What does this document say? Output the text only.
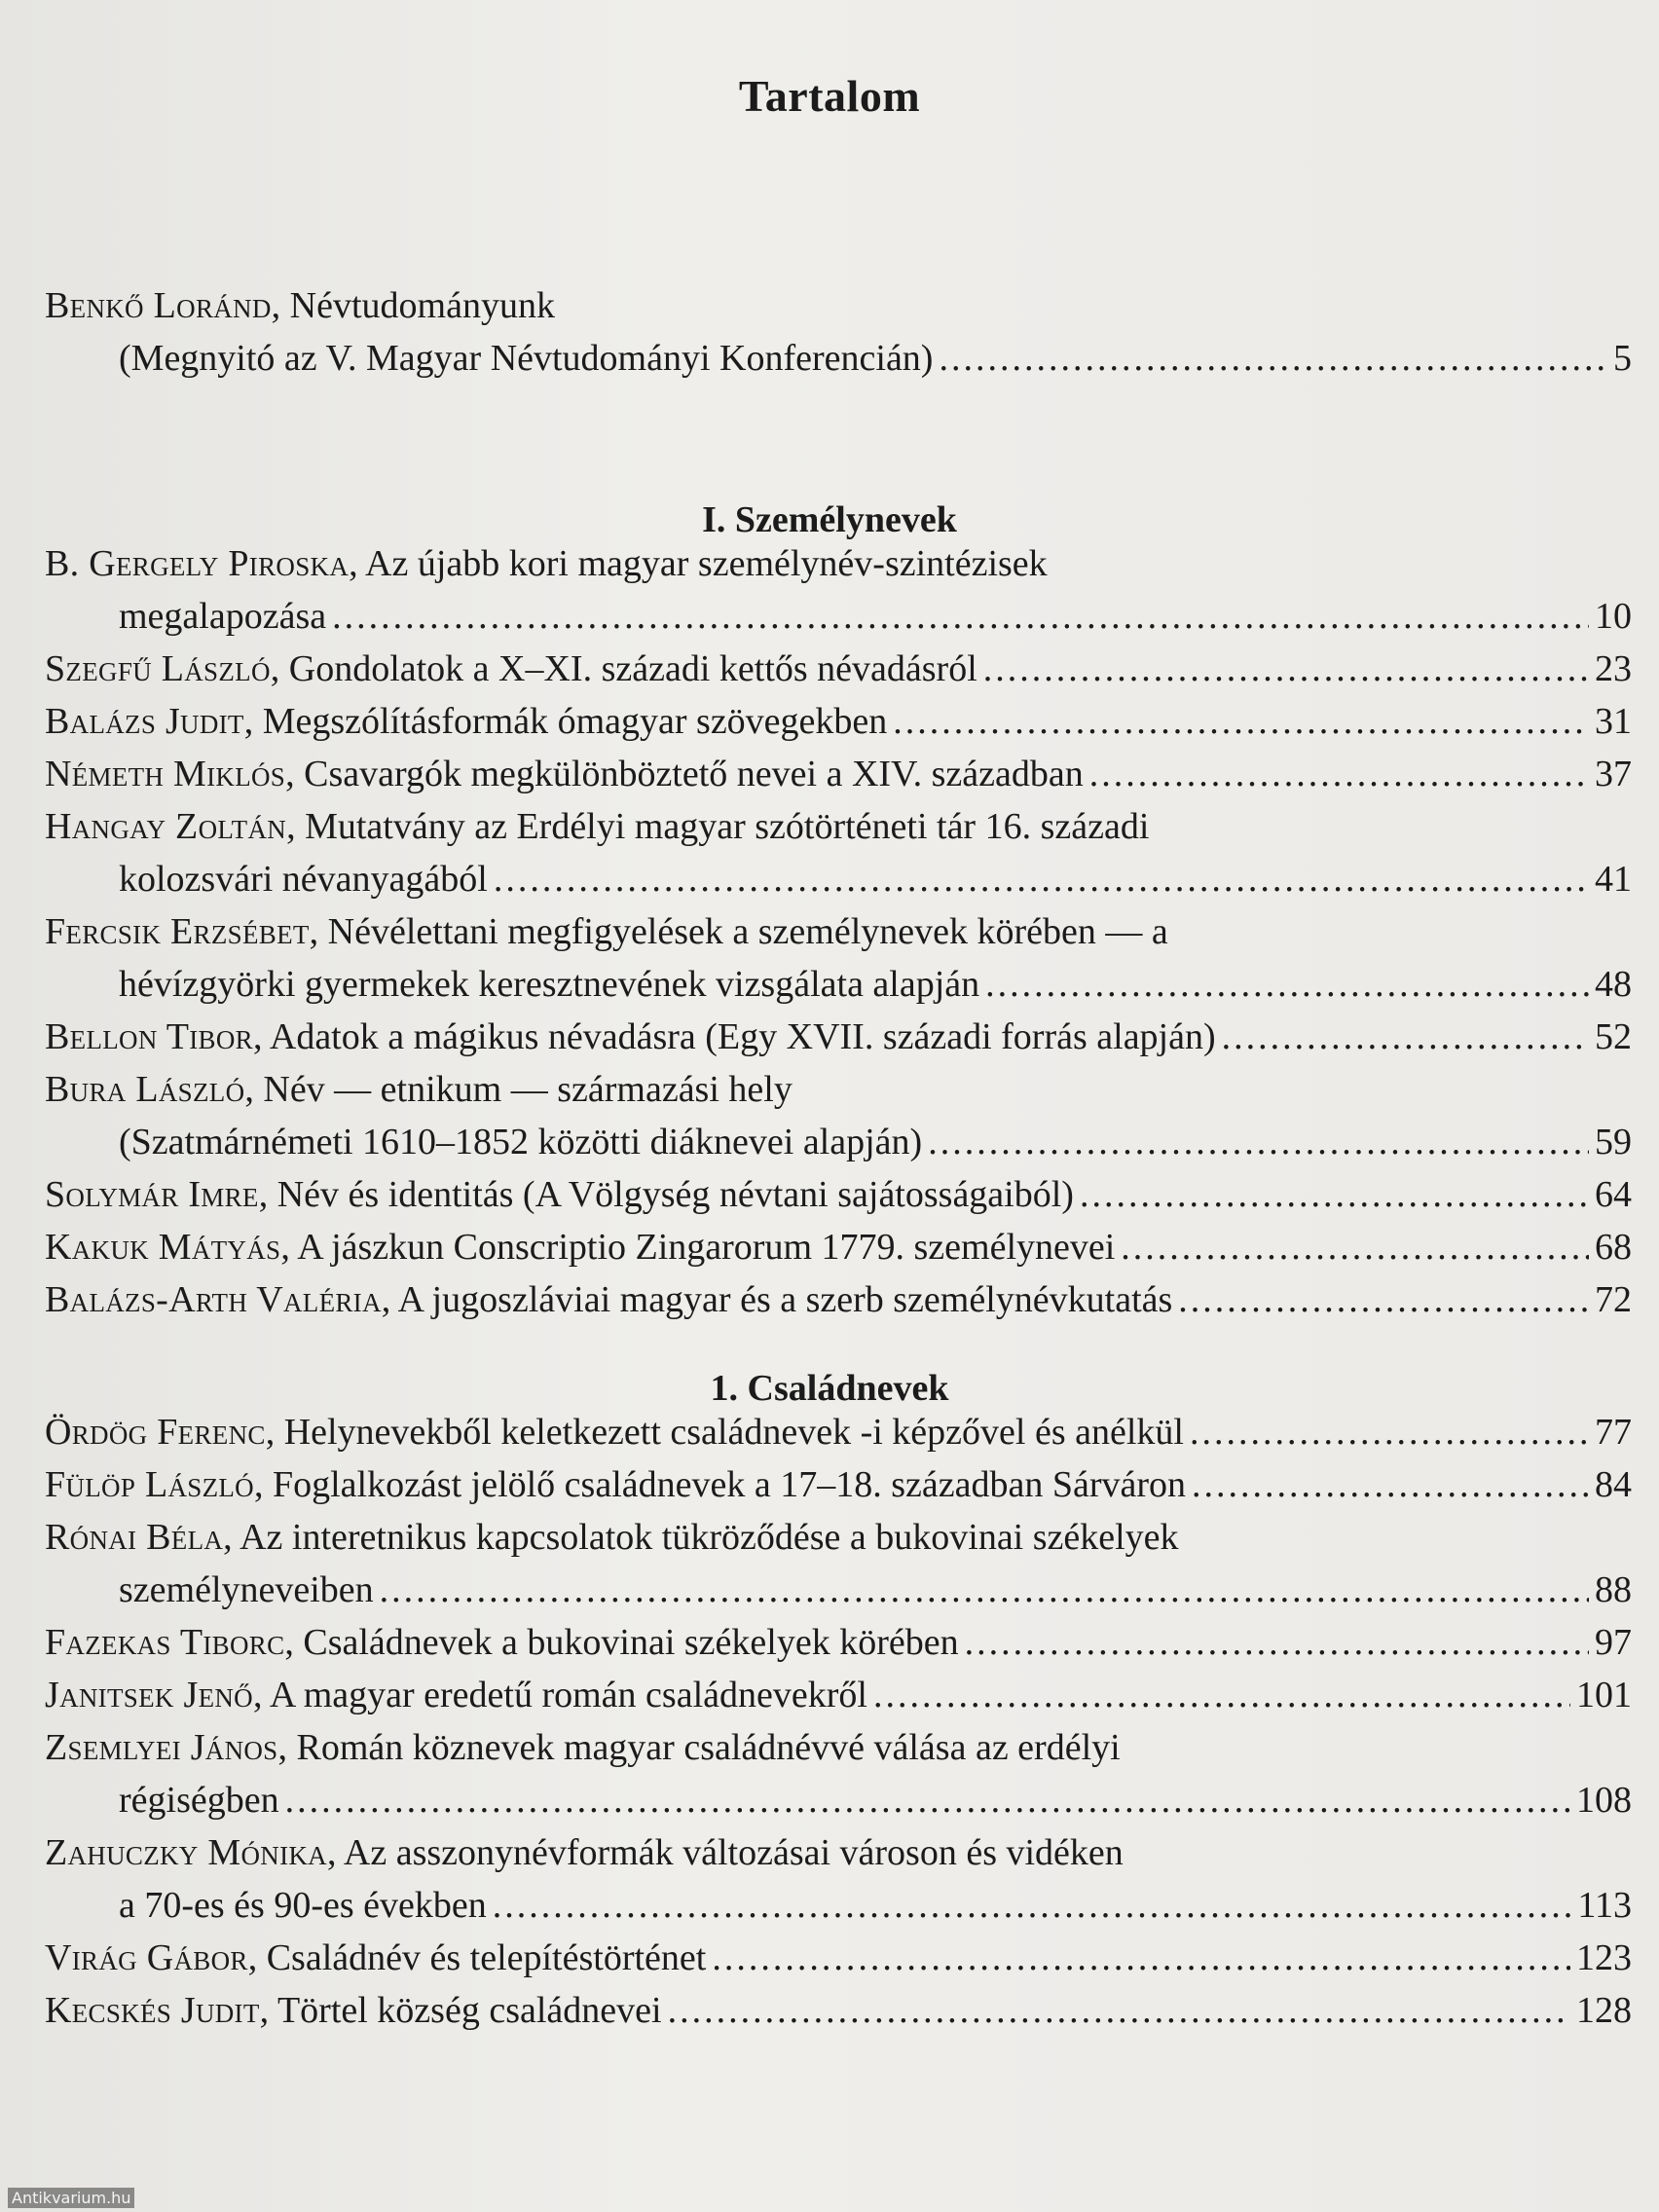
Tartalom
Benkő Loránd, Névtudományunk
(Megnyitó az V. Magyar Névtudományi Konferencián) .....	5
I. Személynevek
1. Családnevek
B. Gergely Piroska, Az újabb kori magyar személynév-szintézisek
megalapozása .....	10
Szegfű László, Gondolatok a X–XI. századi kettős névadásról .....	23
Balázs Judit, Megszólításformák ómagyar szövegekben .....	31
Németh Miklós, Csavargók megkülönböztető nevei a XIV. században .....	37
Hangay Zoltán, Mutatvány az Erdélyi magyar szótörténeti tár 16. századi
kolozsvári névanyagából .....	41
Fercsik Erzsébet, Névélettani megfigyelések a személynevek körében — a
hévízgyörki gyermekek keresztnevének vizsgálata alapján .....	48
Bellon Tibor, Adatok a mágikus névadásra (Egy XVII. századi forrás alapján) .....	52
Bura László, Név — etnikum — származási hely
(Szatmárnémeti 1610–1852 közötti diáknevei alapján) .....	59
Solymár Imre, Név és identitás (A Völgység névtani sajátosságaiból) .....	64
Kakuk Mátyás, A jászkun Conscriptio Zingarorum 1779. személynevei .....	68
Balázs-Arth Valéria, A jugoszláviai magyar és a szerb személynévkutatás .....	72
Ördög Ferenc, Helynevekből keletkezett családnevek -i képzővel és anélkül .....	77
Fülöp László, Foglalkozást jelölő családnevek a 17–18. században Sárváron .....	84
Rónai Béla, Az interetnikus kapcsolatok tükröződése a bukovinai székelyek
személyneveiben .....	88
Fazekas Tiborc, Családnevek a bukovinai székelyek körében .....	97
Janitsek Jenő, A magyar eredetű román családnevekről .....	101
Zsemlyei János, Román köznevek magyar családnévvé válása az erdélyi
régiségben .....	108
Zahuczky Mónika, Az asszonynévformák változásai városon és vidéken
a 70-es és 90-es években .....	113
Virág Gábor, Családnév és telepítéstörténet .....	123
Kecskés Judit, Törtel község családnevei .....	128
Antikvarium.hu
